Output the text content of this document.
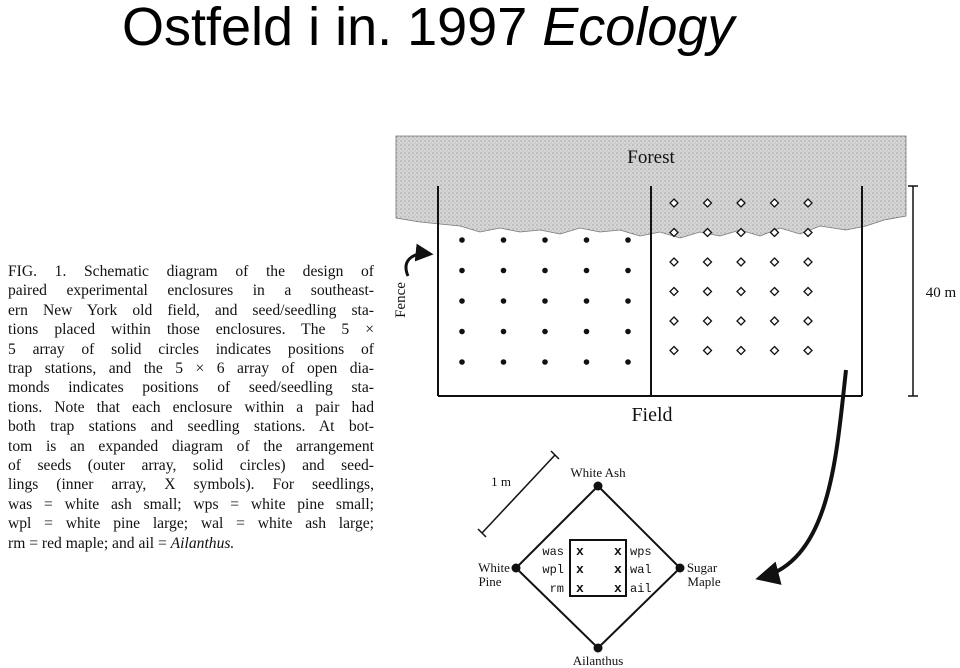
Ostfeld i in. 1997 Ecology
FIG. 1. Schematic diagram of the design of
paired experimental enclosures in a southeast-
ern New York old field, and seed/seedling sta-
tions placed within those enclosures. The 5 ×
5 array of solid circles indicates positions of
trap stations, and the 5 × 6 array of open dia-
monds indicates positions of seed/seedling sta-
tions. Note that each enclosure within a pair had
both trap stations and seedling stations. At bot-
tom is an expanded diagram of the arrangement
of seeds (outer array, solid circles) and seed-
lings (inner array, X symbols). For seedlings,
was = white ash small; wps = white pine small;
wpl = white pine large; wal = white ash large;
rm = red maple; and ail = Ailanthus.
Forest
Fence	40 m
Field
1 m
White Ash
Ailanthus
White
Pine
Sugar
Maple
was x
wpl x
rm x
x wps
x wal
x ail
